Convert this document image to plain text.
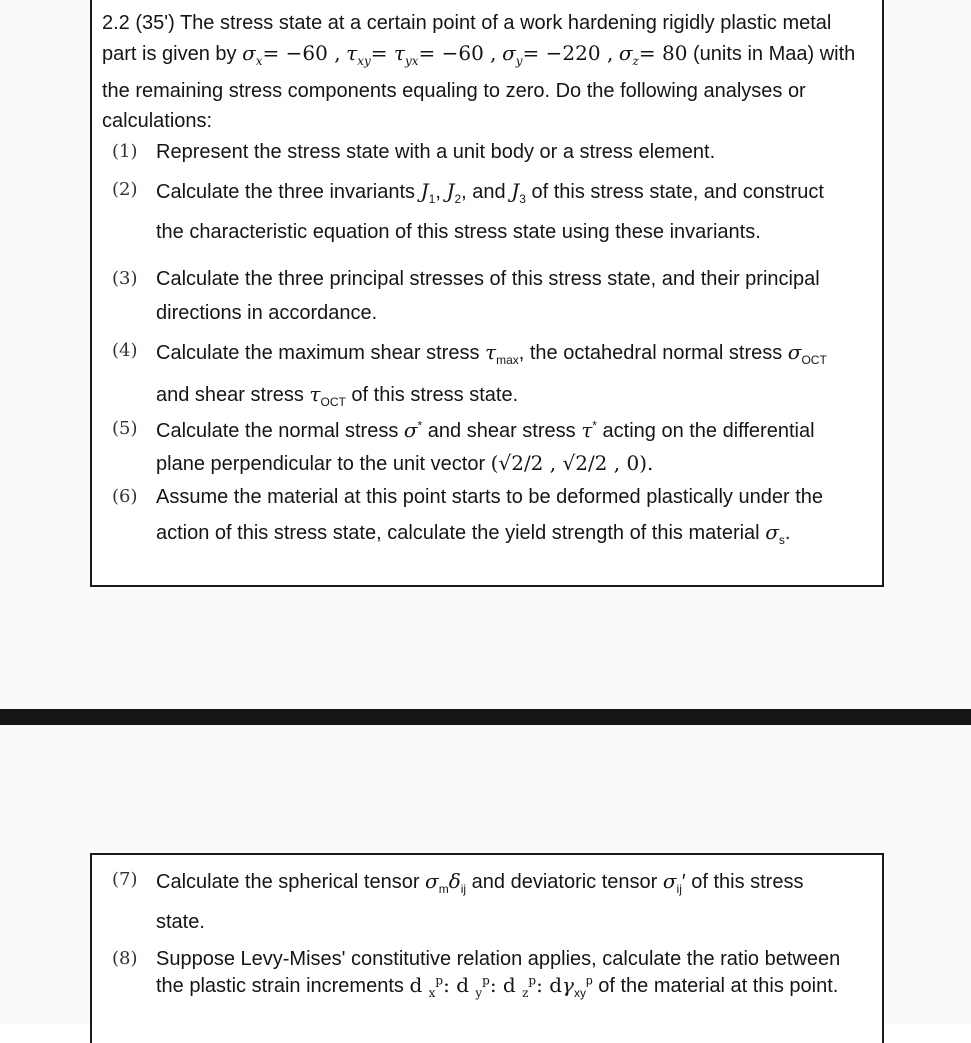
2.2 (35') The stress state at a certain point of a work hardening rigidly plastic metal
part is given by $\sigma_x= -60$ , $\tau_{xy}= \tau_{yx}= -60$ , $\sigma_y= -220$ , $\sigma_z= 80$ (units in Maa) with
the remaining stress components equaling to zero. Do the following analyses or
calculations:
(1) Represent the stress state with a unit body or a stress element.
(2) Calculate the three invariants $J_1$, $J_2$, and $J_3$ of this stress state, and construct
the characteristic equation of this stress state using these invariants.
(3) Calculate the three principal stresses of this stress state, and their principal
directions in accordance.
(4) Calculate the maximum shear stress $\tau_{max}$, the octahedral normal stress $\sigma_{OCT}$
and shear stress $\tau_{OCT}$ of this stress state.
(5) Calculate the normal stress σ* and shear stress τ* acting on the differential
plane perpendicular to the unit vector (√2/2 , √2/2 , 0).
(6) Assume the material at this point starts to be deformed plastically under the
action of this stress state, calculate the yield strength of this material $\sigma_s$.
(7) Calculate the spherical tensor $\sigma_m\delta_{ij}$ and deviatoric tensor $\sigma_{ij}'$ of this stress
state.
(8) Suppose Levy-Mises' constitutive relation applies, calculate the ratio between
the plastic strain increments d $_x^p$: d $_y^p$: d $_z^p$: $d\gamma_{xy}^p$ of the material at this point.
